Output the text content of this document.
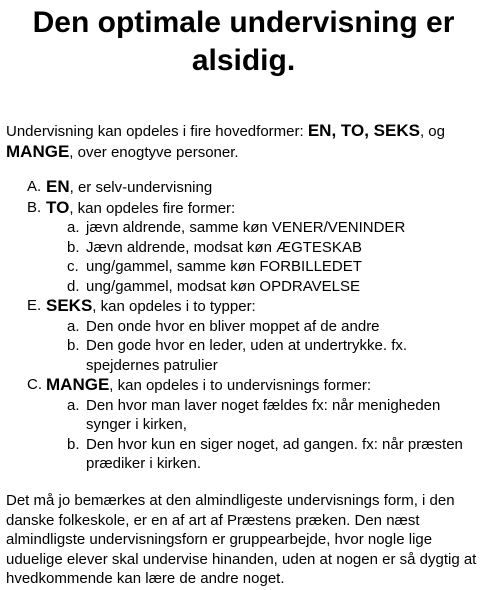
Den optimale undervisning er alsidig.
Undervisning kan opdeles i fire hovedformer: EN, TO, SEKS, og MANGE, over enogtyve personer.
A. EN, er selv-undervisning
B. TO, kan opdeles fire former:
a. jævn aldrende, samme køn VENER/VENINDER
b. Jævn aldrende, modsat køn ÆGTESKAB
c. ung/gammel, samme køn FORBILLEDET
d. ung/gammel, modsat køn OPDRAVELSE
E. SEKS, kan opdeles i to typper:
a. Den onde hvor en bliver moppet af de andre
b. Den gode hvor en leder, uden at undertrykke. fx. spejdernes patrulier
C. MANGE, kan opdeles i to undervisnings former:
a. Den hvor man laver noget fældes fx: når menigheden synger i kirken,
b. Den hvor kun en siger noget, ad gangen. fx: når præsten prædiker i kirken.
Det må jo bemærkes at den almindligeste undervisnings form, i den danske folkeskole, er en af art af Præstens præken. Den næst almindligste undervisningsforn er gruppearbejde, hvor nogle lige uduelige elever skal undervise hinanden, uden at nogen er så dygtig at hvedkommende kan lære de andre noget.
